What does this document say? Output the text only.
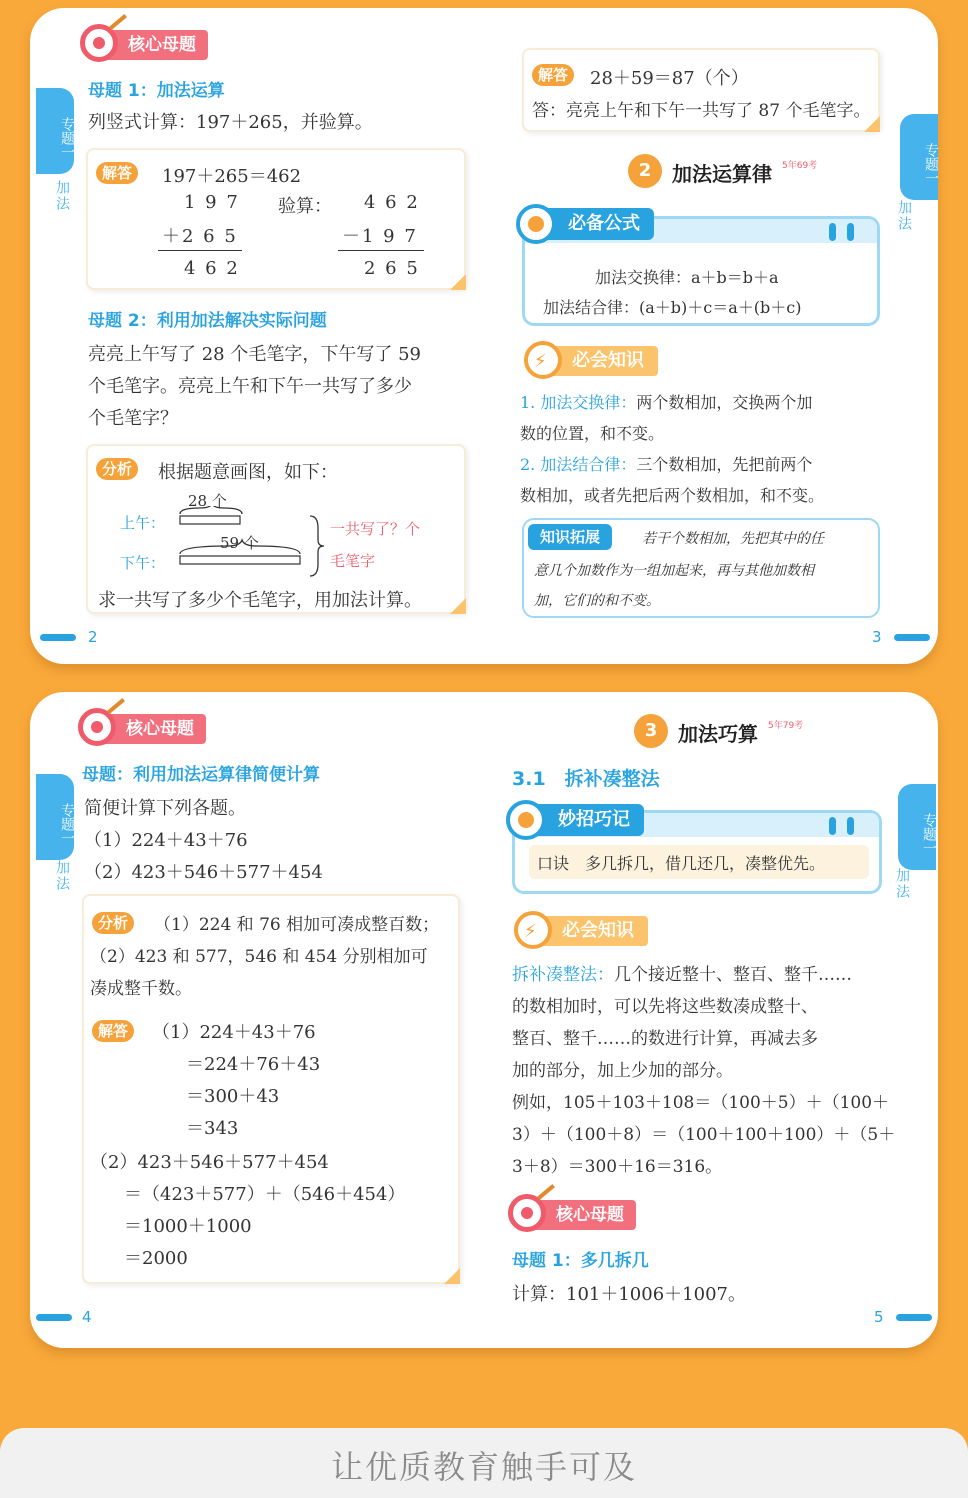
专题一
加法
核心母题
母题 1：加法运算
列竖式计算：197＋265，并验算。
解答	197＋265＝462
1 9 7
＋2 6 5
4 6 2
验算： 4 6 2
－1 9 7
2 6 5
母题 2：利用加法解决实际问题
亮亮上午写了 28 个毛笔字，下午写了 59
个毛笔字。亮亮上午和下午一共写了多少
个毛笔字？
分析	根据题意画图，如下：
28 个
上午：
59 个
下午：
一共写了？个
毛笔字
求一共写了多少个毛笔字，用加法计算。
2
解答	28＋59＝87（个）
答：亮亮上午和下午一共写了 87 个毛笔字。
2	加法运算律 5年69考
加法交换律：a＋b＝b＋a
加法结合律：(a＋b)＋c＝a＋(b＋c)
必备公式
⚡
必会知识
1. 加法交换律：两个数相加，交换两个加
数的位置，和不变。
2. 加法结合律：三个数相加，先把前两个
数相加，或者先把后两个数相加，和不变。
知识拓展	若干个数相加，先把其中的任
意几个加数作为一组加起来，再与其他加数相
加，它们的和不变。
专题一
加法
3
专题一
加法
核心母题
母题：利用加法运算律简便计算
简便计算下列各题。
（1）224＋43＋76
（2）423＋546＋577＋454
分析	（1）224 和 76 相加可凑成整百数；
（2）423 和 577，546 和 454 分别相加可
凑成整千数。
解答	（1）224＋43＋76
＝224＋76＋43
＝300＋43
＝343
（2）423＋546＋577＋454
＝（423＋577）＋（546＋454）
＝1000＋1000
＝2000
4
3	加法巧算 5年79考
3.1　拆补凑整法
口诀 多几拆几，借几还几，凑整优先。
妙招巧记
⚡
必会知识
拆补凑整法：几个接近整十、整百、整千……
的数相加时，可以先将这些数凑成整十、
整百、整千……的数进行计算，再减去多
加的部分，加上少加的部分。
例如，105＋103＋108＝（100＋5）＋（100＋
3）＋（100＋8）＝（100＋100＋100）＋（5＋
3＋8）＝300＋16＝316。
核心母题
母题 1：多几拆几
计算：101＋1006＋1007。
专题一
加法
5
让优质教育触手可及
